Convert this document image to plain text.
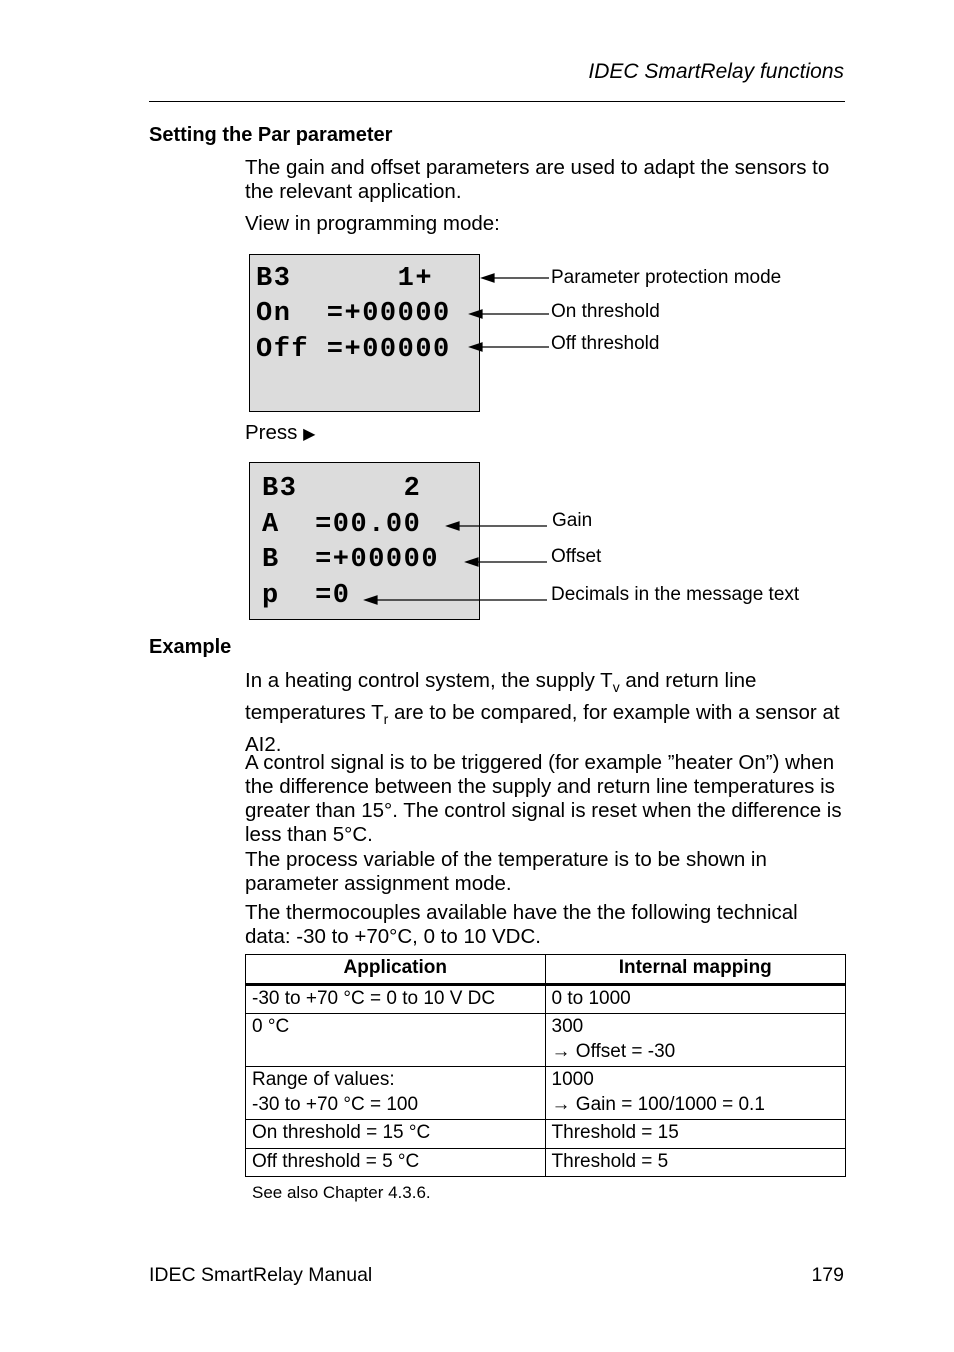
IDEC SmartRelay functions
Setting the Par parameter
The gain and offset parameters are used to adapt the sensors to the relevant application.
View in programming mode:
B3      1+
On  =+00000
Off =+00000
Parameter protection mode
On threshold
Off threshold
Press ▶
B3      2
A  =00.00
B  =+00000
p  =0
Gain
Offset
Decimals in the message text
Example
In a heating control system, the supply $T_v$ and return line temperatures $T_r$ are to be compared, for example with a sensor at AI2.
A control signal is to be triggered (for example ”heater On”) when the difference between the supply and return line temperatures is greater than 15°. The control signal is reset when the difference is less than 5°C.
The process variable of the temperature is to be shown in parameter assignment mode.
The thermocouples available have the the following technical data: -30 to +70°C, 0 to 10 VDC.
Application	Internal mapping
-30 to +70 °C = 0 to 10 V DC	0 to 1000
0 °C	300
→ Offset = -30
Range of values:
-30 to +70 °C = 100	1000
→ Gain = 100/1000 = 0.1
On threshold = 15 °C	Threshold = 15
Off threshold = 5 °C	Threshold = 5
See also Chapter 4.3.6.
IDEC SmartRelay Manual	179
